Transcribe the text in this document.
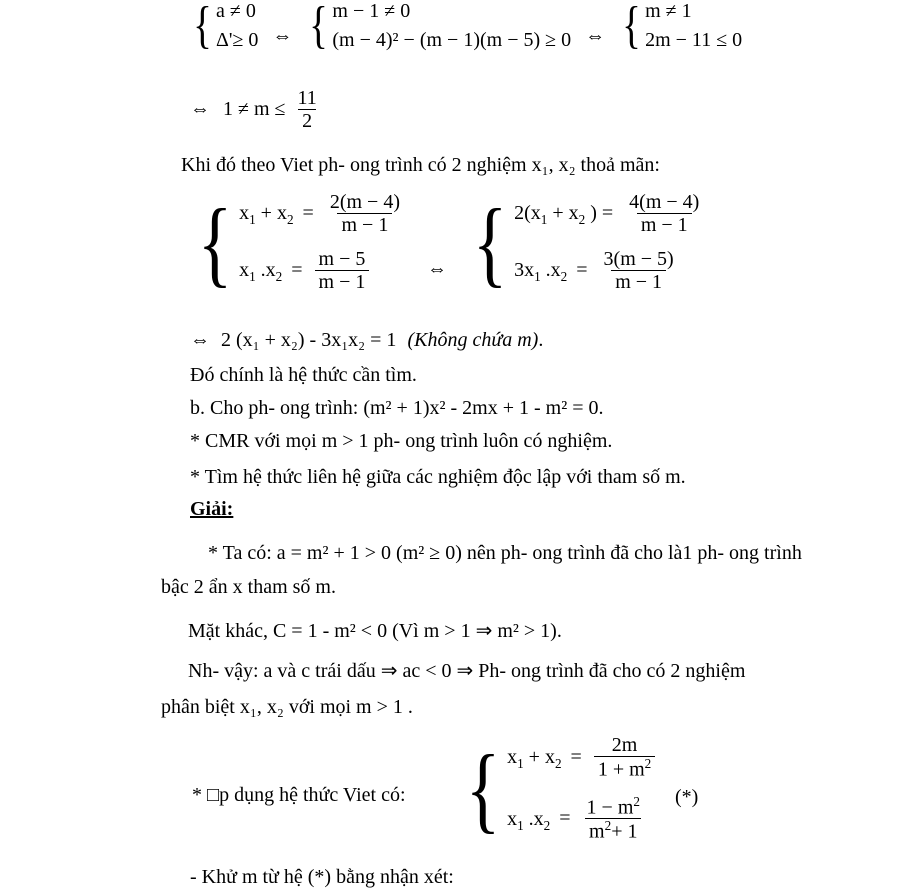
{ a ≠ 0
Δ'≥ 0 ⇔ { m − 1 ≠ 0
(m − 4)² − (m − 1)(m − 5) ≥ 0 ⇔ { m ≠ 1
2m − 11 ≤ 0
⇔ $1 \ne m \le \frac{11}{2}$
Khi đó theo Viet ph- ong trình có 2 nghiệm x₁, x₂ thoả mãn:
{ $x_1 + x_2 = \frac{2(m - 4)}{m - 1}$
$x_1$ $.x_2 = \frac{m - 5}{m - 1}$	⇔ { $2(x_1 + x_2$ ) = $\frac{4(m - 4)}{m - 1}$
$3x_1$ $.x_2 = \frac{3(m - 5)}{m - 1}$
⇔ 2 (x₁ + x₂) - 3x₁x₂ = 1 (Không chứa m).
Đó chính là hệ thức cần tìm.
b. Cho ph- ong trình: (m² + 1)x² - 2mx + 1 - m² = 0.
* CMR với mọi m > 1 ph- ong trình luôn có nghiệm.
* Tìm hệ thức liên hệ giữa các nghiệm độc lập với tham số m.
Giải:
* Ta có: a = m² + 1 > 0 (m² ≥ 0) nên ph- ong trình đã cho là1 ph- ong trình
bậc 2 ẩn x tham số m.
Mặt khác, C = 1 - m² < 0 (Vì m > 1 ⇒ m² > 1).
Nh- vậy: a và c trái dấu ⇒ ac < 0 ⇒ Ph- ong trình đã cho có 2 nghiệm
phân biệt x₁, x₂ với mọi m > 1 .
* □p dụng hệ thức Viet có: { $x_1 + x_2 = \frac{2m}{1 + m^2}$
$x_1$ $.x_2 = \frac{1 - m^2}{m^2+ 1}$ (*)
- Khử m từ hệ (*) bằng nhận xét:
